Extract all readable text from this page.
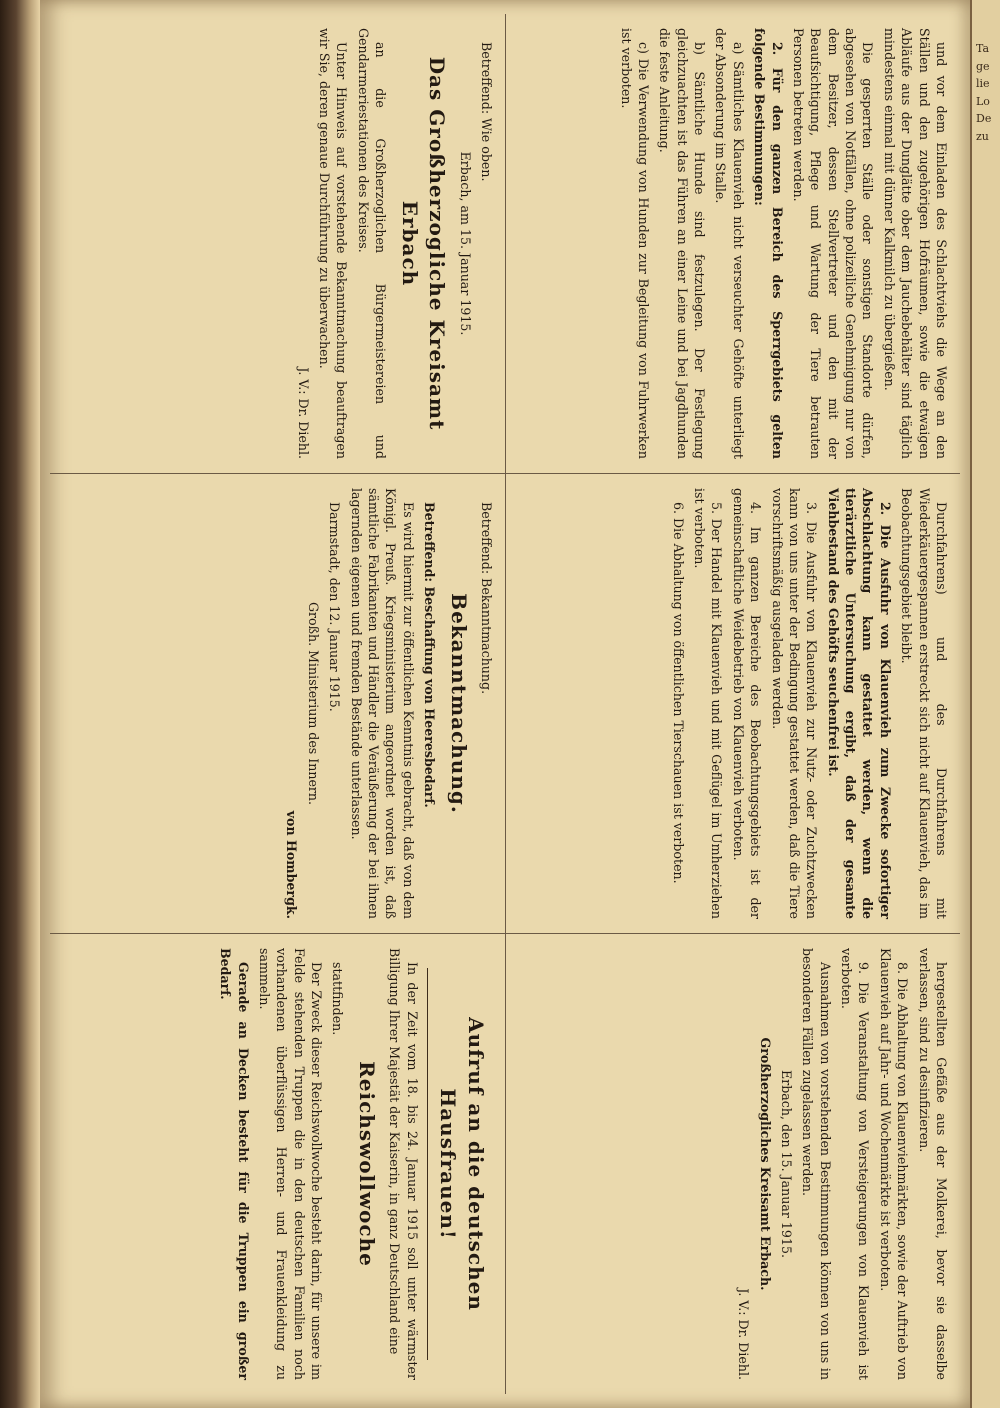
und vor dem Einladen des Schlachtviehs die Wege an den Ställen und den zugehörigen Hofräumen, sowie die etwaigen Abläufe aus der Dunglätte ober dem Jauchebehälter sind täglich mindestens einmal mit dünner Kalkmilch zu übergießen.

Die gesperrten Ställe oder sonstigen Standorte dürfen, abgesehen von Notfällen, ohne polizeiliche Genehmigung nur von dem Besitzer, dessen Stellvertreter und den mit der Beaufsichtigung, Pflege und Wartung der Tiere betrauten Personen betreten werden.

2. Für den ganzen Bereich des Sperrgebiets gelten folgende Bestimmungen:

a) Sämtliches Klauenvieh nicht verseuchter Gehöfte unterliegt der Absonderung im Stalle.

b) Sämtliche Hunde sind festzulegen. Der Festlegung gleichzuachten ist das Führen an einer Leine und bei Jagdhunden die feste Anleitung.

c) Die Verwendung von Hunden zur Begleitung von Fuhrwerken ist verboten.

Durchfahrens) und des Durchfahrens mit Wiederkäuergespannen erstreckt sich nicht auf Klauenvieh, das im Beobachtungsgebiet bleibt.

2. Die Ausfuhr von Klauenvieh zum Zwecke sofortiger Abschlachtung kann gestattet werden, wenn die tierärztliche Untersuchung ergibt, daß der gesamte Viehbestand des Gehöfts seuchenfrei ist.

3. Die Ausfuhr von Klauenvieh zur Nutz- oder Zuchtzwecken kann von uns unter der Bedingung gestattet werden, daß die Tiere vorschriftsmäßig ausgeladen werden.

4. Im ganzen Bereiche des Beobachtungsgebiets ist der gemeinschaftliche Weidebetrieb von Klauenvieh verboten.

5. Der Handel mit Klauenvieh und mit Geflügel im Umherziehen ist verboten.

6. Die Abhaltung von öffentlichen Tierschauen ist verboten.

hergestellten Gefäße aus der Molkerei, bevor sie dasselbe verlassen, sind zu desinfizieren.

8. Die Abhaltung von Klauenviehmärkten, sowie der Auftrieb von Klauenvieh auf Jahr- und Wochenmärkte ist verboten.

9. Die Veranstaltung von Versteigerungen von Klauenvieh ist verboten.

Ausnahmen von vorstehenden Bestimmungen können von uns in besonderen Fällen zugelassen werden.

Erbach, den 15. Januar 1915.

Großherzogliches Kreisamt Erbach.

J. V.: Dr. Diehl.

Betreffend: Wie oben.

Erbach, am 15. Januar 1915.

Das Großherzogliche Kreisamt Erbach

an die Großherzoglichen Bürgermeistereien und Gendarmeriestationen des Kreises.

Unter Hinweis auf vorstehende Bekanntmachung beauftragen wir Sie, deren genaue Durchführung zu überwachen.

J. V.: Dr. Diehl.

Betreffend: Bekanntmachung.

Bekanntmachung.

Betreffend: Beschaffung von Heeresbedarf.

Es wird hiermit zur öffentlichen Kenntnis gebracht, daß von dem Königl. Preuß. Kriegsministerium angeordnet worden ist, daß sämtliche Fabrikanten und Händler die Veräußerung der bei ihnen lagernden eigenen und fremden Bestände unterlassen.

Darmstadt, den 12. Januar 1915.

Großh. Ministerium des Innern.

von Hombergk.

Aufruf an die deutschen Hausfrauen!

In der Zeit vom 18. bis 24. Januar 1915 soll unter wärmster Billigung Ihrer Majestät der Kaiserin, in ganz Deutschland eine

Reichswollwoche

stattfinden.

Der Zweck dieser Reichswollwoche besteht darin, für unsere im Felde stehenden Truppen die in den deutschen Familien noch vorhandenen überflüssigen Herren- und Frauenkleidung zu sammeln.

Gerade an Decken besteht für die Truppen ein großer Bedarf.

Ta
ge
lie
Lo
De
zu
